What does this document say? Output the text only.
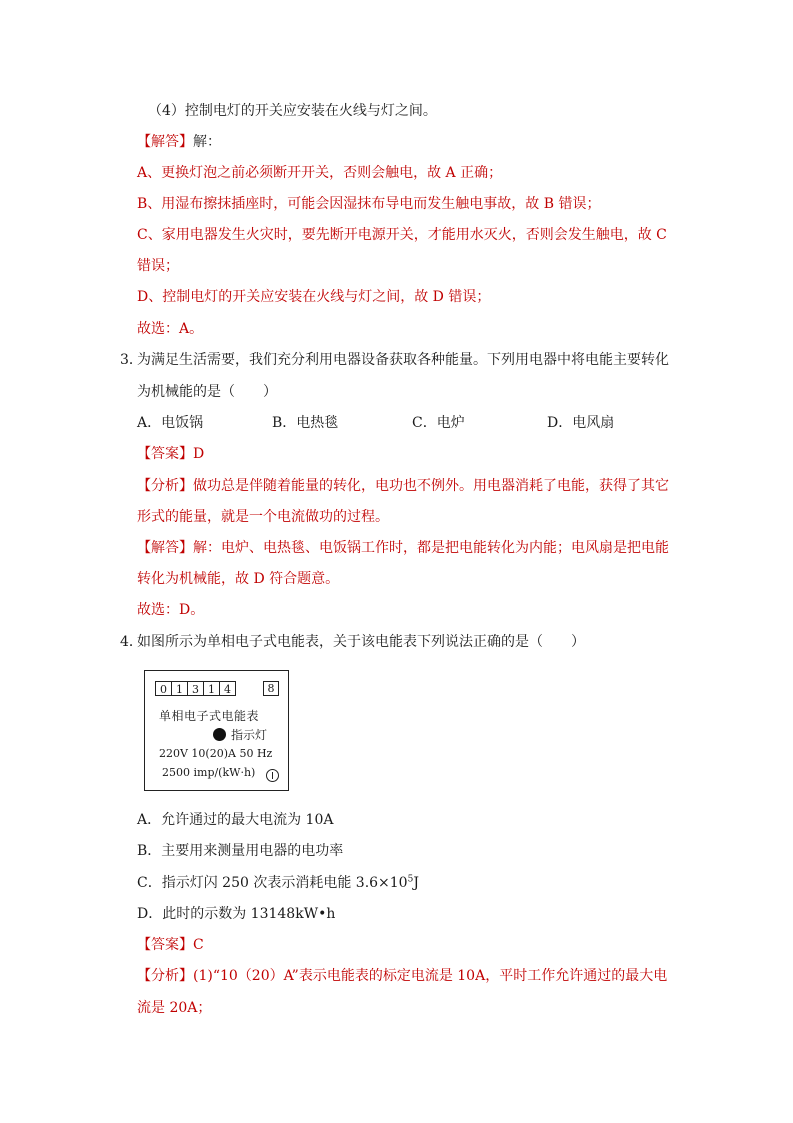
（4）控制电灯的开关应安装在火线与灯之间。
【解答】解：
A、更换灯泡之前必须断开开关，否则会触电，故 A 正确；
B、用湿布擦抹插座时，可能会因湿抹布导电而发生触电事故，故 B 错误；
C、家用电器发生火灾时，要先断开电源开关，才能用水灭火，否则会发生触电，故 C
错误；
D、控制电灯的开关应安装在火线与灯之间，故 D 错误；
故选：A。
3．
为满足生活需要，我们充分利用电器设备获取各种能量。下列用电器中将电能主要转化
为机械能的是（　　）
A．电饭锅	B．电热毯	C．电炉	D．电风扇
【答案】D
【分析】做功总是伴随着能量的转化，电功也不例外。用电器消耗了电能，获得了其它
形式的能量，就是一个电流做功的过程。
【解答】解：电炉、电热毯、电饭锅工作时，都是把电能转化为内能；电风扇是把电能
转化为机械能，故 D 符合题意。
故选：D。
4．
如图所示为单相电子式电能表，关于该电能表下列说法正确的是（　　）
0 1 3 1 4	8
单相电子式电能表
指示灯
220V 10(20)A 50 Hz
2500 imp/(kW·h)
A．允许通过的最大电流为 10A
B．主要用来测量用电器的电功率
C．指示灯闪 250 次表示消耗电能 $3.6\times 10^5J$
D．此时的示数为 13148kW•h
【答案】C
【分析】(1)“10（20）A”表示电能表的标定电流是 10A，平时工作允许通过的最大电
流是 20A；
